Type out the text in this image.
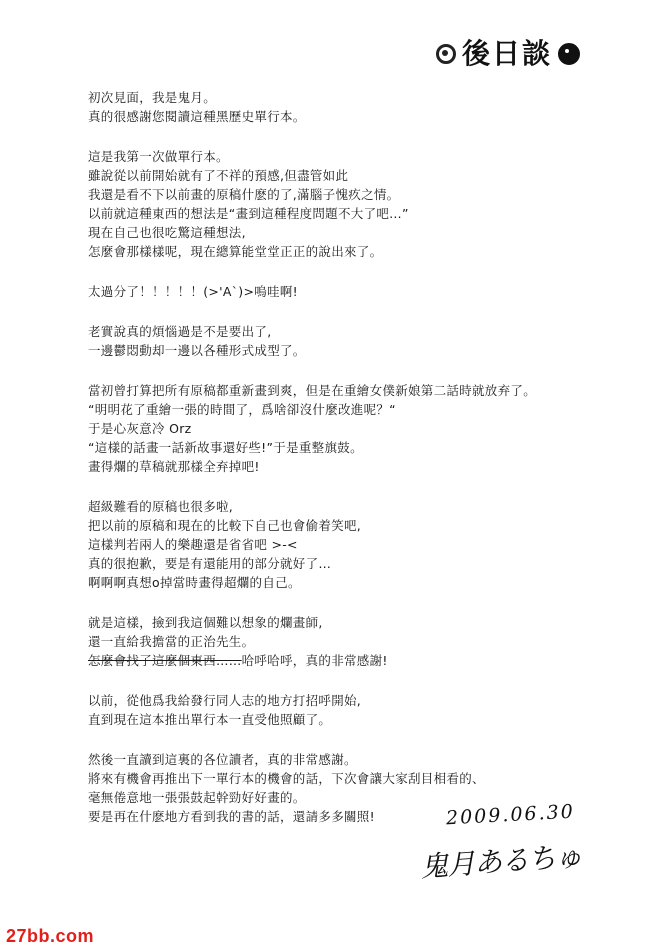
後日談
初次見面，我是鬼月。
真的很感謝您閱讀這種黑歷史單行本。
這是我第一次做單行本。
雖說從以前開始就有了不祥的預感,但盡管如此
我還是看不下以前畫的原稿什麽的了,滿腦子愧疚之情。
以前就這種東西的想法是“畫到這種程度問題不大了吧…”
現在自己也很吃驚這種想法,
怎麼會那樣樣呢，現在總算能堂堂正正的說出來了。
太過分了！！！！！(>'A`)>嗚哇啊!
老實說真的煩惱過是不是要出了,
一邊鬱悶動却一邊以各種形式成型了。
當初曾打算把所有原稿都重新畫到爽，但是在重繪女僕新娘第二話時就放弃了。
“明明花了重繪一張的時間了，爲啥卻沒什麼改進呢？“
于是心灰意冷 Orz
“這樣的話畫一話新故事還好些!”于是重整旗鼓。
畫得爛的草稿就那樣全弃掉吧!
超級難看的原稿也很多啦,
把以前的原稿和現在的比較下自己也會偷着笑吧,
這樣判若兩人的樂趣還是省省吧 >-<
真的很抱歉，要是有還能用的部分就好了…
啊啊啊真想o掉當時畫得超爛的自己。
就是這樣，撿到我這個難以想象的爛畫師,
還一直給我擔當的正治先生。
怎麼會找了這麼個東西……哈呼哈呼，真的非常感謝!
以前，從他爲我給發行同人志的地方打招呼開始,
直到現在這本推出單行本一直受他照顧了。
然後一直讀到這裏的各位讀者，真的非常感謝。
將來有機會再推出下一單行本的機會的話，下次會讓大家刮目相看的、
毫無倦意地一張張鼓起幹勁好好畫的。
要是再在什麽地方看到我的書的話，還請多多關照!	2009.06.30
鬼月あるちゅ
27bb.com
